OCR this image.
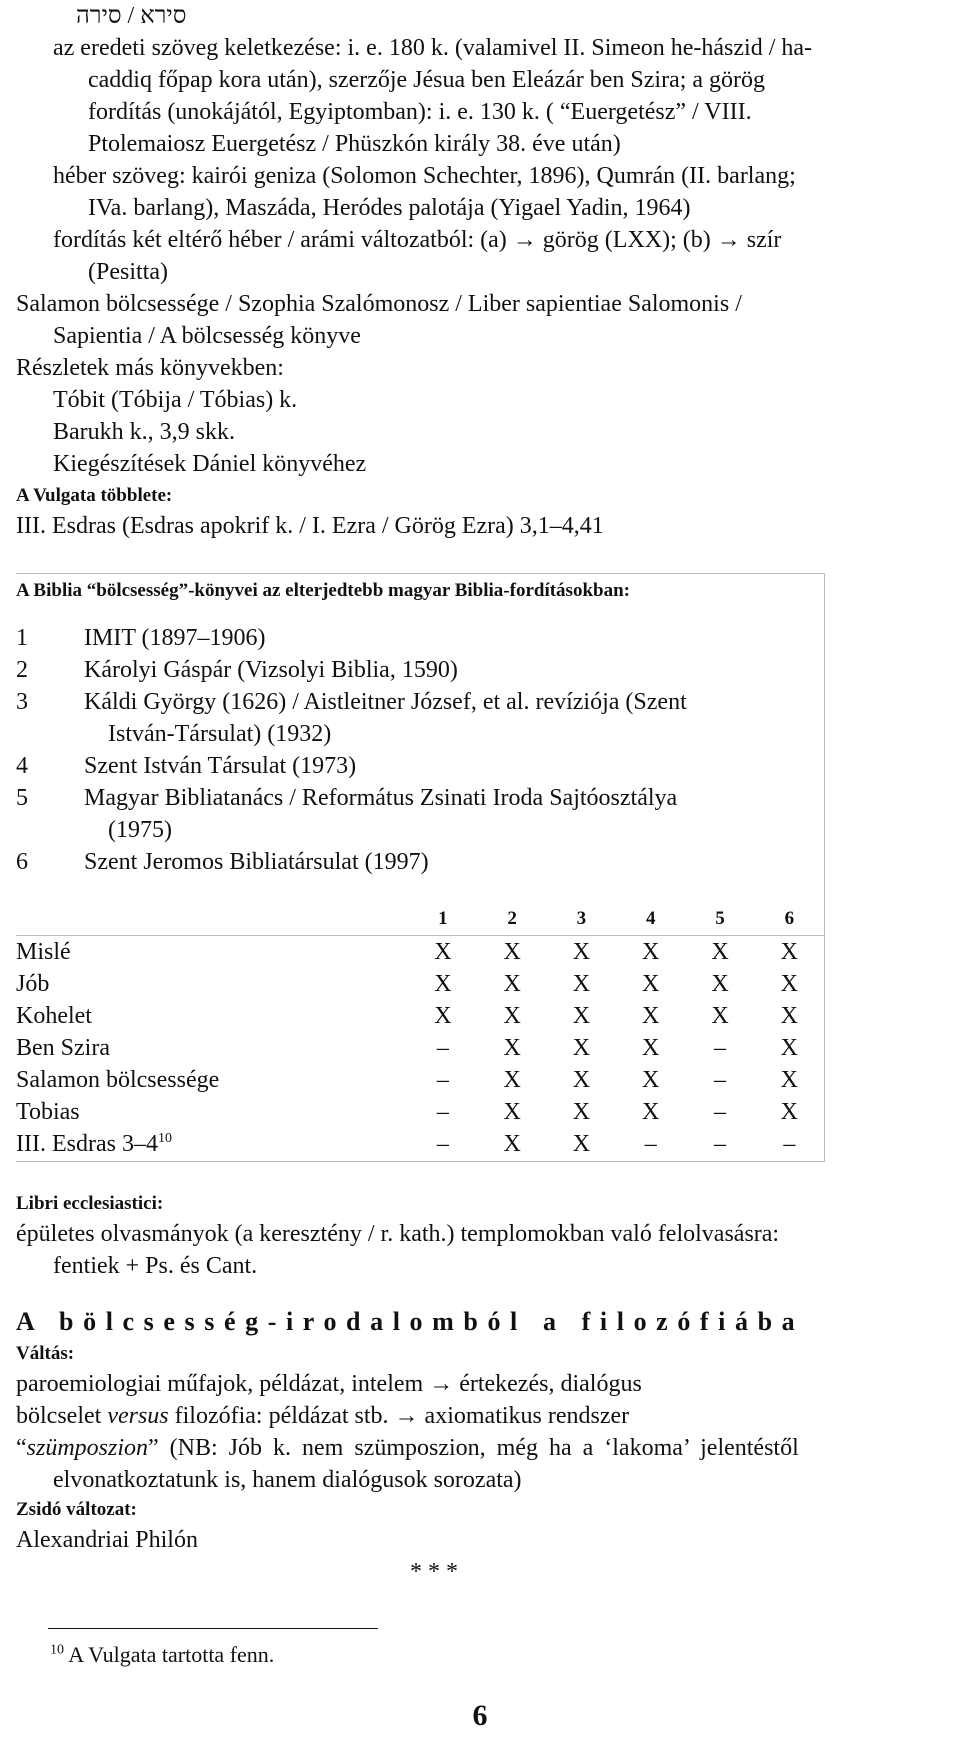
סירא / סירה
az eredeti szöveg keletkezése: i. e. 180 k. (valamivel II. Simeon he-hászid / ha-
caddiq főpap kora után), szerzője Jésua ben Eleázár ben Szira; a görög
fordítás (unokájától, Egyiptomban): i. e. 130 k. ( “Euergetész” / VIII.
Ptolemaiosz Euergetész / Phüszkón király 38. éve után)
héber szöveg: kairói geniza (Solomon Schechter, 1896), Qumrán (II. barlang;
IVa. barlang), Maszáda, Heródes palotája (Yigael Yadin, 1964)
fordítás két eltérő héber / arámi változatból: (a) → görög (LXX); (b) → szír
(Pesitta)
Salamon bölcsessége / Szophia Szalómonosz / Liber sapientiae Salomonis /
Sapientia / A bölcsesség könyve
Részletek más könyvekben:
Tóbit (Tóbija / Tóbias) k.
Barukh k., 3,9 skk.
Kiegészítések Dániel könyvéhez
A Vulgata többlete:
III. Esdras (Esdras apokrif k. / I. Ezra / Görög Ezra) 3,1–4,41
A Biblia “bölcsesség”-könyvei az elterjedtebb magyar Biblia-fordításokban:
1	IMIT (1897–1906)
2	Károlyi Gáspár (Vizsolyi Biblia, 1590)
3	Káldi György (1626) / Aistleitner József, et al. revíziója (Szent
István-Társulat) (1932)
4	Szent István Társulat (1973)
5	Magyar Bibliatanács / Református Zsinati Iroda Sajtóosztálya
(1975)
6	Szent Jeromos Bibliatársulat (1997)
	1	2	3	4	5	6
Mislé	X	X	X	X	X	X
Jób	X	X	X	X	X	X
Kohelet	X	X	X	X	X	X
Ben Szira	–	X	X	X	–	X
Salamon bölcsessége	–	X	X	X	–	X
Tobias	–	X	X	X	–	X
III. Esdras $3-4^{10}$	–	X	X	–	–	–
Libri ecclesiastici:
épületes olvasmányok (a keresztény / r. kath.) templomokban való felolvasásra:
fentiek + Ps. és Cant.
A bölcsesség-irodalomból a filozófiába
Váltás:
paroemiologiai műfajok, példázat, intelem → értekezés, dialógus
bölcselet versus filozófia: példázat stb. → axiomatikus rendszer
“szümposzion” (NB: Jób k. nem szümposzion, még ha a ‘lakoma’ jelentéstől
elvonatkoztatunk is, hanem dialógusok sorozata)
Zsidó változat:
Alexandriai Philón
* * *
$^{10}$ A Vulgata tartotta fenn.
6
